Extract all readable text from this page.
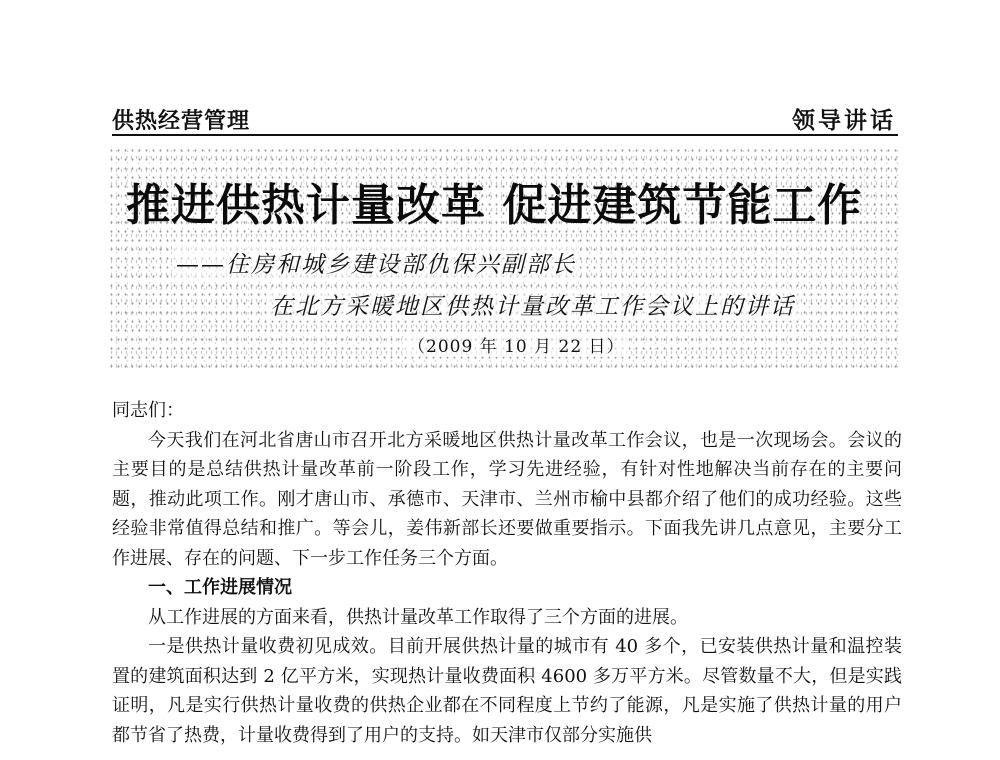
供热经营管理	领导讲话
推进供热计量改革 促进建筑节能工作
——住房和城乡建设部仇保兴副部长
在北方采暖地区供热计量改革工作会议上的讲话
（2009 年 10 月 22 日）

同志们：

今天我们在河北省唐山市召开北方采暖地区供热计量改革工作会议，也是一次现场会。会议的主要目的是总结供热计量改革前一阶段工作，学习先进经验，有针对性地解决当前存在的主要问题，推动此项工作。刚才唐山市、承德市、天津市、兰州市榆中县都介绍了他们的成功经验。这些经验非常值得总结和推广。等会儿，姜伟新部长还要做重要指示。下面我先讲几点意见，主要分工作进展、存在的问题、下一步工作任务三个方面。

一、工作进展情况

从工作进展的方面来看，供热计量改革工作取得了三个方面的进展。

一是供热计量收费初见成效。目前开展供热计量的城市有 40 多个，已安装供热计量和温控装置的建筑面积达到 2 亿平方米，实现热计量收费面积 4600 多万平方米。尽管数量不大，但是实践证明，凡是实行供热计量收费的供热企业都在不同程度上节约了能源，凡是实施了供热计量的用户都节省了热费，计量收费得到了用户的支持。如天津市仅部分实施供
